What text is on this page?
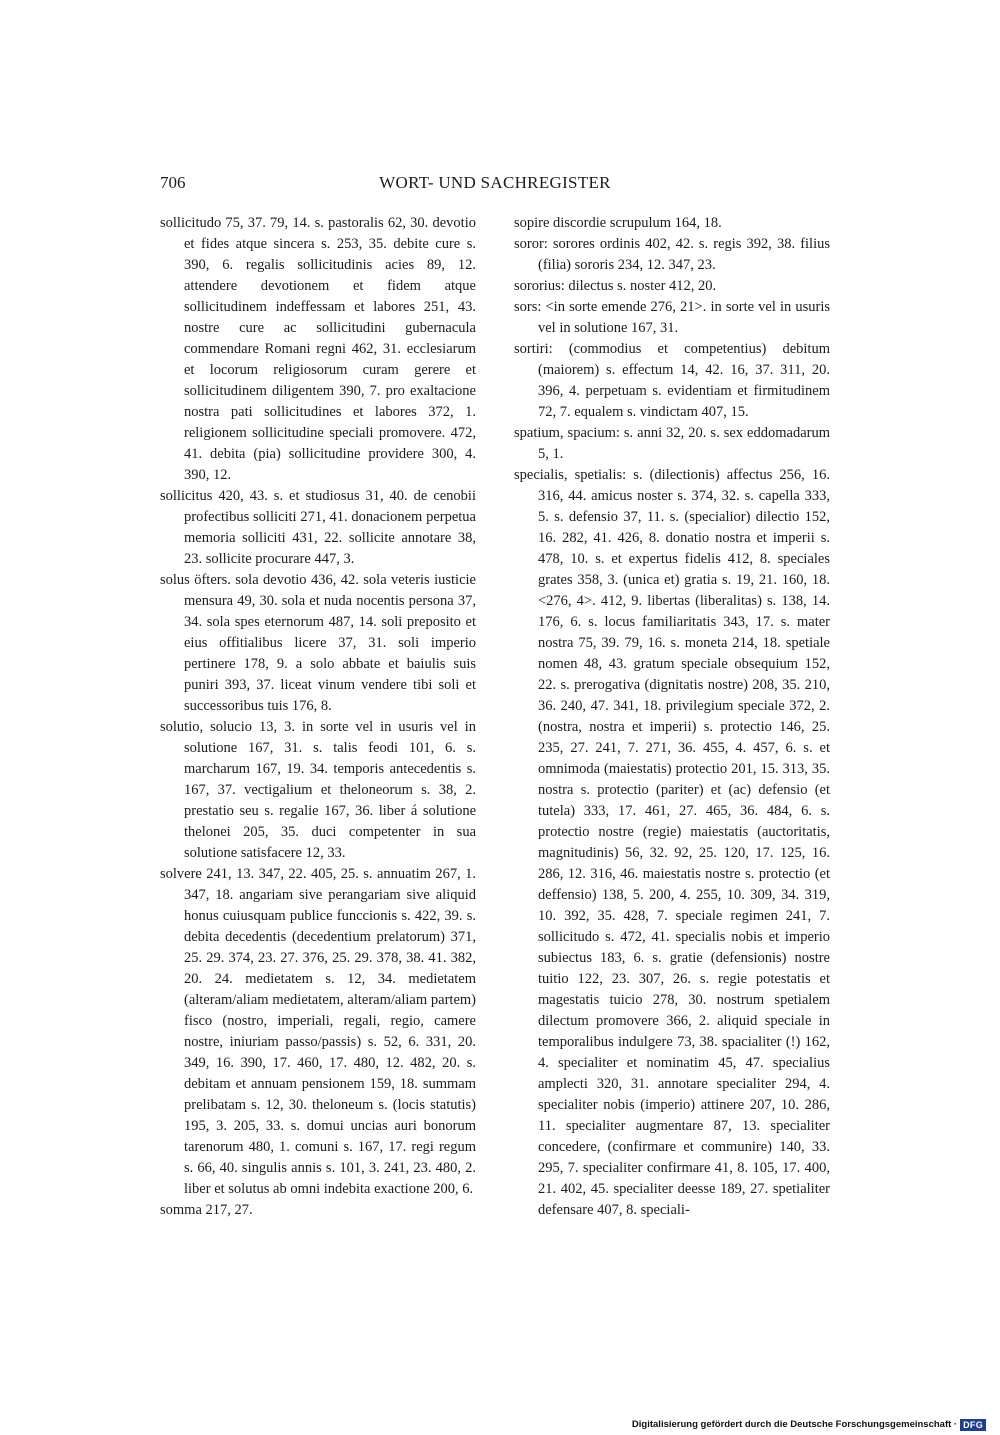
706	WORT- UND SACHREGISTER

sollicitudo 75, 37. 79, 14. s. pastoralis 62, 30. devotio et fides atque sincera s. 253, 35. debite cure s. 390, 6. regalis sollicitudinis acies 89, 12. attendere devotionem et fidem atque sollicitudinem indeffessam et labores 251, 43. nostre cure ac sollicitudini gubernacula commendare Romani regni 462, 31. ecclesiarum et locorum religiosorum curam gerere et sollicitudinem diligentem 390, 7. pro exaltacione nostra pati sollicitudines et labores 372, 1. religionem sollicitudine speciali promovere. 472, 41. debita (pia) sollicitudine providere 300, 4. 390, 12.

sollicitus 420, 43. s. et studiosus 31, 40. de cenobii profectibus solliciti 271, 41. donacionem perpetua memoria solliciti 431, 22. sollicite annotare 38, 23. sollicite procurare 447, 3.

solus öfters. sola devotio 436, 42. sola veteris iusticie mensura 49, 30. sola et nuda nocentis persona 37, 34. sola spes eternorum 487, 14. soli preposito et eius offitialibus licere 37, 31. soli imperio pertinere 178, 9. a solo abbate et baiulis suis puniri 393, 37. liceat vinum vendere tibi soli et successoribus tuis 176, 8.

solutio, solucio 13, 3. in sorte vel in usuris vel in solutione 167, 31. s. talis feodi 101, 6. s. marcharum 167, 19. 34. temporis antecedentis s. 167, 37. vectigalium et theloneorum s. 38, 2. prestatio seu s. regalie 167, 36. liber á solutione thelonei 205, 35. duci competenter in sua solutione satisfacere 12, 33.

solvere 241, 13. 347, 22. 405, 25. s. annuatim 267, 1. 347, 18. angariam sive perangariam sive aliquid honus cuiusquam publice funccionis s. 422, 39. s. debita decedentis (decedentium prelatorum) 371, 25. 29. 374, 23. 27. 376, 25. 29. 378, 38. 41. 382, 20. 24. medietatem s. 12, 34. medietatem (alteram/aliam medietatem, alteram/aliam partem) fisco (nostro, imperiali, regali, regio, camere nostre, iniuriam passo/passis) s. 52, 6. 331, 20. 349, 16. 390, 17. 460, 17. 480, 12. 482, 20. s. debitam et annuam pensionem 159, 18. summam prelibatam s. 12, 30. theloneum s. (locis statutis) 195, 3. 205, 33. s. domui uncias auri bonorum tarenorum 480, 1. comuni s. 167, 17. regi regum s. 66, 40. singulis annis s. 101, 3. 241, 23. 480, 2. liber et solutus ab omni indebita exactione 200, 6.

somma 217, 27.

sopire discordie scrupulum 164, 18.

soror: sorores ordinis 402, 42. s. regis 392, 38. filius (filia) sororis 234, 12. 347, 23.

sororius: dilectus s. noster 412, 20.

sors: <in sorte emende 276, 21>. in sorte vel in usuris vel in solutione 167, 31.

sortiri: (commodius et competentius) debitum (maiorem) s. effectum 14, 42. 16, 37. 311, 20. 396, 4. perpetuam s. evidentiam et firmitudinem 72, 7. equalem s. vindictam 407, 15.

spatium, spacium: s. anni 32, 20. s. sex eddomadarum 5, 1.

specialis, spetialis: s. (dilectionis) affectus 256, 16. 316, 44. amicus noster s. 374, 32. s. capella 333, 5. s. defensio 37, 11. s. (specialior) dilectio 152, 16. 282, 41. 426, 8. donatio nostra et imperii s. 478, 10. s. et expertus fidelis 412, 8. speciales grates 358, 3. (unica et) gratia s. 19, 21. 160, 18. <276, 4>. 412, 9. libertas (liberalitas) s. 138, 14. 176, 6. s. locus familiaritatis 343, 17. s. mater nostra 75, 39. 79, 16. s. moneta 214, 18. spetiale nomen 48, 43. gratum speciale obsequium 152, 22. s. prerogativa (dignitatis nostre) 208, 35. 210, 36. 240, 47. 341, 18. privilegium speciale 372, 2. (nostra, nostra et imperii) s. protectio 146, 25. 235, 27. 241, 7. 271, 36. 455, 4. 457, 6. s. et omnimoda (maiestatis) protectio 201, 15. 313, 35. nostra s. protectio (pariter) et (ac) defensio (et tutela) 333, 17. 461, 27. 465, 36. 484, 6. s. protectio nostre (regie) maiestatis (auctoritatis, magnitudinis) 56, 32. 92, 25. 120, 17. 125, 16. 286, 12. 316, 46. maiestatis nostre s. protectio (et deffensio) 138, 5. 200, 4. 255, 10. 309, 34. 319, 10. 392, 35. 428, 7. speciale regimen 241, 7. sollicitudo s. 472, 41. specialis nobis et imperio subiectus 183, 6. s. gratie (defensionis) nostre tuitio 122, 23. 307, 26. s. regie potestatis et magestatis tuicio 278, 30. nostrum spetialem dilectum promovere 366, 2. aliquid speciale in temporalibus indulgere 73, 38. spacialiter (!) 162, 4. specialiter et nominatim 45, 47. specialius amplecti 320, 31. annotare specialiter 294, 4. specialiter nobis (imperio) attinere 207, 10. 286, 11. specialiter augmentare 87, 13. specialiter concedere, (confirmare et communire) 140, 33. 295, 7. specialiter confirmare 41, 8. 105, 17. 400, 21. 402, 45. specialiter deesse 189, 27. spetialiter defensare 407, 8. speciali-

Digitalisierung gefördert durch die Deutsche Forschungsgemeinschaft · DFG
